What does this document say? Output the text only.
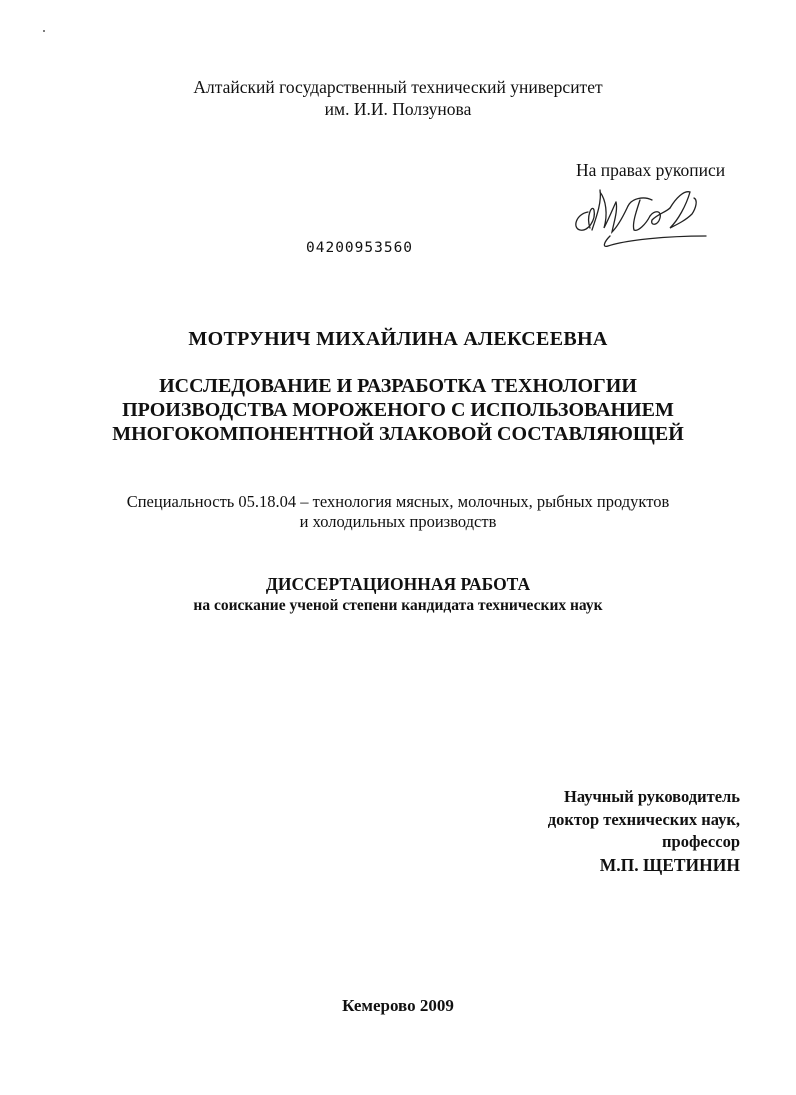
Алтайский государственный технический университет
им. И.И. Ползунова
На правах рукописи
04200953560
МОТРУНИЧ МИХАЙЛИНА АЛЕКСЕЕВНА
ИССЛЕДОВАНИЕ И РАЗРАБОТКА ТЕХНОЛОГИИ
ПРОИЗВОДСТВА МОРОЖЕНОГО С ИСПОЛЬЗОВАНИЕМ
МНОГОКОМПОНЕНТНОЙ ЗЛАКОВОЙ СОСТАВЛЯЮЩЕЙ
Специальность 05.18.04 – технология мясных, молочных, рыбных продуктов
и холодильных производств
ДИССЕРТАЦИОННАЯ РАБОТА
на соискание ученой степени кандидата технических наук
Научный руководитель
доктор технических наук,
профессор
М.П. ЩЕТИНИН
Кемерово 2009
